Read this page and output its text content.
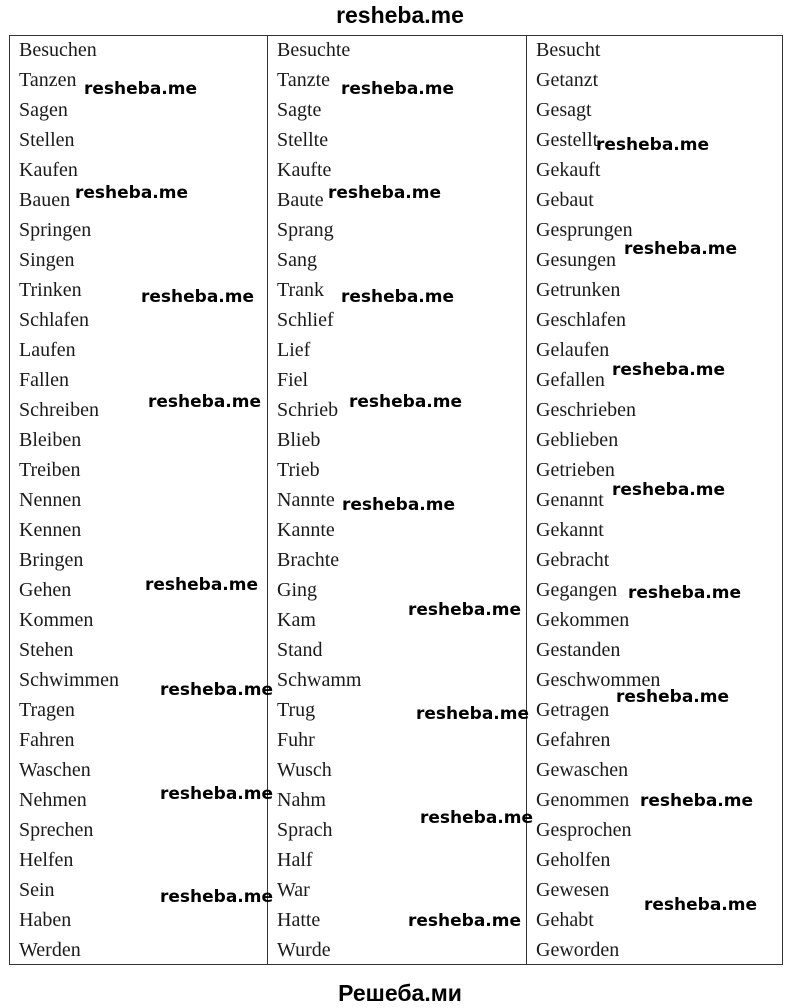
resheba.me
Besuchen	Besuchte	Besucht
Tanzen	Tanzte	Getanzt
Sagen	Sagte	Gesagt
Stellen	Stellte	Gestellt
Kaufen	Kaufte	Gekauft
Bauen	Baute	Gebaut
Springen	Sprang	Gesprungen
Singen	Sang	Gesungen
Trinken	Trank	Getrunken
Schlafen	Schlief	Geschlafen
Laufen	Lief	Gelaufen
Fallen	Fiel	Gefallen
Schreiben	Schrieb	Geschrieben
Bleiben	Blieb	Geblieben
Treiben	Trieb	Getrieben
Nennen	Nannte	Genannt
Kennen	Kannte	Gekannt
Bringen	Brachte	Gebracht
Gehen	Ging	Gegangen
Kommen	Kam	Gekommen
Stehen	Stand	Gestanden
Schwimmen	Schwamm	Geschwommen
Tragen	Trug	Getragen
Fahren	Fuhr	Gefahren
Waschen	Wusch	Gewaschen
Nehmen	Nahm	Genommen
Sprechen	Sprach	Gesprochen
Helfen	Half	Geholfen
Sein	War	Gewesen
Haben	Hatte	Gehabt
Werden	Wurde	Geworden
resheba.me	resheba.me
resheba.me	resheba.me
resheba.me
resheba.me
resheba.me	resheba.me
resheba.me	resheba.me
resheba.me
resheba.me
resheba.me
resheba.me
resheba.me
resheba.me
resheba.me
resheba.me
resheba.me
resheba.me
resheba.me
resheba.me
resheba.me
resheba.me
resheba.me
Решеба.ми
